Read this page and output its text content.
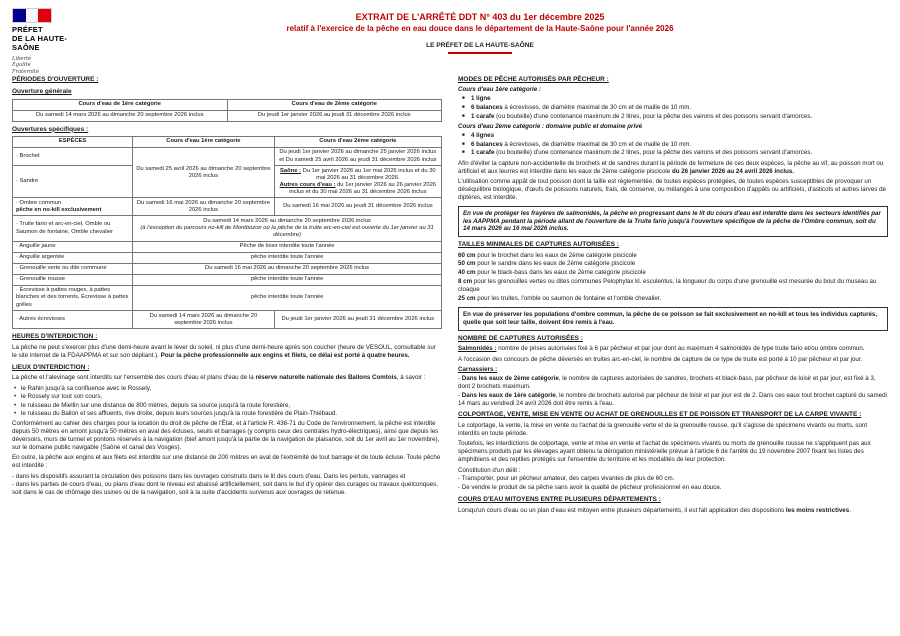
PRÉFET
DE LA HAUTE-
SAÔNE
Liberté
Égalité
Fraternité
EXTRAIT DE L'ARRÊTÉ DDT N° 403 du 1er décembre 2025
relatif à l'exercice de la pêche en eau douce dans le département de la Haute-Saône pour l'année 2026
LE PRÉFET DE LA HAUTE-SAÔNE
PÉRIODES D'OUVERTURE :
Ouverture générale
Cours d'eau de 1ère catégorie	Cours d'eau de 2ème catégorie
Du samedi 14 mars 2026 au dimanche 20 septembre 2026 inclus	Du jeudi 1er janvier 2026 au jeudi 31 décembre 2026 inclus
Ouvertures spécifiques :
ESPÈCES	Cours d'eau 1ère catégorie	Cours d'eau 2ème catégorie
· Brochet	Du samedi 25 avril 2026 au dimanche 20 septembre 2026 inclus	Du jeudi 1er janvier 2026 au dimanche 25 janvier 2026 inclus et Du samedi 25 avril 2026 au jeudi 31 décembre 2026 inclus
· Sandre		Saône : Du 1er janvier 2026 au 1er mai 2026 inclus et du 30 mai 2026 au 31 décembre 2026.
Autres cours d'eau : du 1er janvier 2026 au 26 janvier 2026 inclus et du 30 mai 2026 au 31 décembre 2026 inclus
· Ombre commun
pêche en no-kill exclusivement	Du samedi 16 mai 2026 au dimanche 20 septembre 2026 inclus	Du samedi 16 mai 2026 au jeudi 31 décembre 2026 inclus
· Truite fario et arc-en-ciel, Omble ou Saumon de fontaine, Omble chevalier	Du samedi 14 mars 2026 au dimanche 20 septembre 2026 inclus
(à l'exception du parcours no-kill de Montbozon où la pêche de la truite arc-en-ciel est ouverte du 1er janvier au 31 décembre)	
· Anguille jaune	Pêche de loisir interdite toute l'année	
· Anguille argentée	pêche interdite toute l'année	
· Grenouille verte ou dite commune	Du samedi 16 mai 2026 au dimanche 20 septembre 2026 inclus	
· Grenouille rousse	pêche interdite toute l'année	
· Écrevisse à pattes rouges, à pattes blanches et des torrents, Écrevisse à pattes grêles	pêche interdite toute l'année	
· Autres écrevisses	Du samedi 14 mars 2026 au dimanche 20 septembre 2026 inclus	Du jeudi 1er janvier 2026 au jeudi 31 décembre 2026 inclus
HEURES D'INTERDICTION :

La pêche ne peut s'exercer plus d'une demi-heure avant le lever du soleil, ni plus d'une demi-heure après son coucher (heure de VESOUL, consultable sur le site internet de la FDAAPPMA et sur son dépliant.). Pour la pêche professionnelle aux engins et filets, ce délai est porté à quatre heures.

LIEUX D'INTERDICTION :

La pêche et l'alevinage sont interdits sur l'ensemble des cours d'eau et plans d'eau de la réserve naturelle nationale des Ballons Comtois, à savoir :

• le Rahin jusqu'à sa confluence avec le Rossely,
• le Rossely sur tout son cours,
• le ruisseau de Miellin sur une distance de 800 mètres, depuis sa source jusqu'à la route forestière,
• le ruisseau du Ballon et ses affluents, rive droite, depuis leurs sources jusqu'à la route forestière de Plain-Thiébaud.

Conformément au cahier des charges pour la location du droit de pêche de l'État, et à l'article R. 436-71 du Code de l'environnement, la pêche est interdite depuis 50 mètres en amont jusqu'à 50 mètres en aval des écluses, seuils et barrages (y compris ceux des centrales hydro-électriques), ainsi que depuis les déversoirs, murs de tunnel et pontons réservés à la navigation (bief amont jusqu'à la partie de la navigation de plaisance, soit du 1er avril au 1er novembre), sur le domaine public navigable (Saône et canal des Vosges).

En outre, la pêche aux engins et aux filets est interdite sur une distance de 200 mètres en aval de l'extrémité de tout barrage et de toute écluse. Toute pêche est interdite :

- dans les dispositifs assurant la circulation des poissons dans les ouvrages construits dans le lit des cours d'eau. Dans les pertuis, vannages et
- dans les parties de cours d'eau, ou plans d'eau dont le niveau est abaissé artificiellement, soit dans le but d'y opérer des curages ou travaux quelconques, soit dans le cas de chômage des usines ou de la navigation, soit à la suite d'accidents survenus aux ouvrages de retenue.
MODES DE PÊCHE AUTORISÉS PAR PÊCHEUR :
Cours d'eau 1ère catégorie :
■ 1 ligne
■ 6 balances à écrevisses, de diamètre maximal de 30 cm et de maille de 10 mm.
■ 1 carafe (ou bouteille) d'une contenance maximum de 2 litres, pour la pêche des vairons et des poissons servant d'amorces.
Cours d'eau 2ème catégorie : domaine public et domaine privé
■ 4 lignes
■ 6 balances à écrevisses, de diamètre maximal de 30 cm et de maille de 10 mm.
■ 1 carafe (ou bouteille) d'une contenance maximum de 2 litres, pour la pêche des vairons et des poissons servant d'amorces.

Afin d'éviter la capture non-accidentelle de brochets et de sandres durant la période de fermeture de ces deux espèces, la pêche au vif, au poisson mort ou artificiel et aux leurres est interdite dans les eaux de 2ème catégorie piscicole du 26 janvier 2026 au 24 avril 2026 inclus.

L'utilisation comme appât de tout poisson dont la taille est réglementée, de toutes espèces protégées, de toutes espèces susceptibles de provoquer un déséquilibre biologique, d'œufs de poissons naturels, frais, de conserve, ou mélangés à une composition d'appâts ou artificiels, d'asticots et autres larves de diptères, est interdite.

En vue de protéger les frayères de salmonidés, la pêche en progressant dans le lit du cours d'eau est interdite dans les secteurs identifiés par les AAPPMA pendant la période allant de l'ouverture de la Truite fario jusqu'à l'ouverture spécifique de la pêche de l'Ombre commun, soit du 14 mars 2026 au 16 mai 2026 inclus.
TAILLES MINIMALES DE CAPTURES AUTORISÉES :

60 cm pour le brochet dans les eaux de 2ème catégorie piscicole

50 cm pour le sandre dans les eaux de 2ème catégorie piscicole

40 cm pour le black-bass dans les eaux de 2ème catégorie piscicole

8 cm pour les grenouilles vertes ou dites communes Pelophylax kl. esculentus, la longueur du corps d'une grenouille est mesurée du bout du museau au cloaque

25 cm pour les truites, l'omble ou saumon de fontaine et l'omble chevalier.

En vue de préserver les populations d'ombre commun, la pêche de ce poisson se fait exclusivement en no-kill et tous les individus capturés, quelle que soit leur taille, doivent être remis à l'eau.
NOMBRE DE CAPTURES AUTORISÉES :

Salmonidés : nombre de prises autorisées fixé à 6 par pêcheur et par jour dont au maximum 4 salmonidés de type truite fario et/ou ombre commun.

A l'occasion des concours de pêche déversés en truites arc-en-ciel, le nombre de capture de ce type de truite est porté à 10 par pêcheur et par jour.

Carnassiers :

- Dans les eaux de 2ème catégorie, le nombre de captures autorisées de sandres, brochets et black-bass, par pêcheur de loisir et par jour, est fixé à 3, dont 2 brochets maximum.
- Dans les eaux de 1ère catégorie, le nombre de brochets autorisé par pêcheur de loisir et par jour est de 2. Dans ces eaux tout brochet capturé du samedi 14 mars au vendredi 24 avril 2026 doit être remis à l'eau.
COLPORTAGE, VENTE, MISE EN VENTE OU ACHAT DE GRENOUILLES ET DE POISSON ET TRANSPORT DE LA CARPE VIVANTE :

Le colportage, la vente, la mise en vente ou l'achat de la grenouille verte et de la grenouille rousse, qu'il s'agisse de spécimens vivants ou morts, sont interdits en toute période.

Toutefois, les interdictions de colportage, vente et mise en vente et l'achat de spécimens vivants ou morts de grenouille rousse ne s'appliquent pas aux spécimens produits par les élevages ayant obtenu la dérogation ministérielle prévue à l'article 6 de l'arrêté du 19 novembre 2007 fixant les listes des amphibiens et des reptiles protégés sur l'ensemble du territoire et les modalités de leur protection.

Constitution d'un délit :

- Transporter, pour un pêcheur amateur, des carpes vivantes de plus de 60 cm.
- De vendre le produit de sa pêche sans avoir la qualité de pêcheur professionnel en eau douce.
COURS D'EAU MITOYENS ENTRE PLUSIEURS DÉPARTEMENTS :

Lorsqu'un cours d'eau ou un plan d'eau est mitoyen entre plusieurs départements, il est fait application des dispositions les moins restrictives.
